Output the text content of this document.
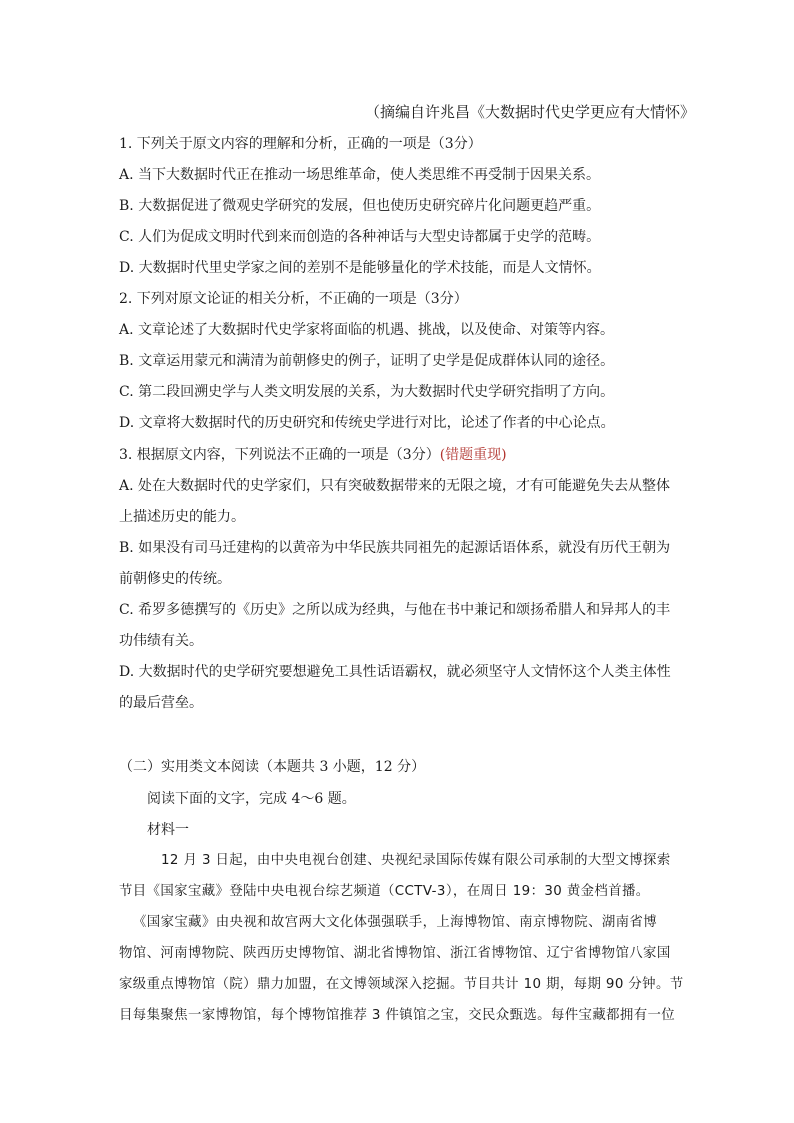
（摘编自许兆昌《大数据时代史学更应有大情怀》
1. 下列关于原文内容的理解和分析，正确的一项是（3分）
A. 当下大数据时代正在推动一场思维革命，使人类思维不再受制于因果关系。
B. 大数据促进了微观史学研究的发展，但也使历史研究碎片化问题更趋严重。
C. 人们为促成文明时代到来而创造的各种神话与大型史诗都属于史学的范畴。
D. 大数据时代里史学家之间的差别不是能够量化的学术技能，而是人文情怀。
2. 下列对原文论证的相关分析，不正确的一项是（3分）
A. 文章论述了大数据时代史学家将面临的机遇、挑战，以及使命、对策等内容。
B. 文章运用蒙元和满清为前朝修史的例子，证明了史学是促成群体认同的途径。
C. 第二段回溯史学与人类文明发展的关系，为大数据时代史学研究指明了方向。
D. 文章将大数据时代的历史研究和传统史学进行对比，论述了作者的中心论点。
3. 根据原文内容，下列说法不正确的一项是（3分）(错题重现)
A. 处在大数据时代的史学家们，只有突破数据带来的无限之境，才有可能避免失去从整体
上描述历史的能力。
B. 如果没有司马迁建构的以黄帝为中华民族共同祖先的起源话语体系，就没有历代王朝为
前朝修史的传统。
C. 希罗多德撰写的《历史》之所以成为经典，与他在书中兼记和颂扬希腊人和异邦人的丰
功伟绩有关。
D. 大数据时代的史学研究要想避免工具性话语霸权，就必须坚守人文情怀这个人类主体性
的最后营垒。
（二）实用类文本阅读（本题共 3 小题，12 分）
阅读下面的文字，完成 4～6 题。
材料一
12 月 3 日起，由中央电视台创建、央视纪录国际传媒有限公司承制的大型文博探索
节目《国家宝藏》登陆中央电视台综艺频道（CCTV-3），在周日 19：30 黄金档首播。
《国家宝藏》由央视和故宫两大文化体强强联手，上海博物馆、南京博物院、湖南省博
物馆、河南博物院、陕西历史博物馆、湖北省博物馆、浙江省博物馆、辽宁省博物馆八家国
家级重点博物馆（院）鼎力加盟，在文博领域深入挖掘。节目共计 10 期，每期 90 分钟。节
目每集聚焦一家博物馆，每个博物馆推荐 3 件镇馆之宝，交民众甄选。每件宝藏都拥有一位
